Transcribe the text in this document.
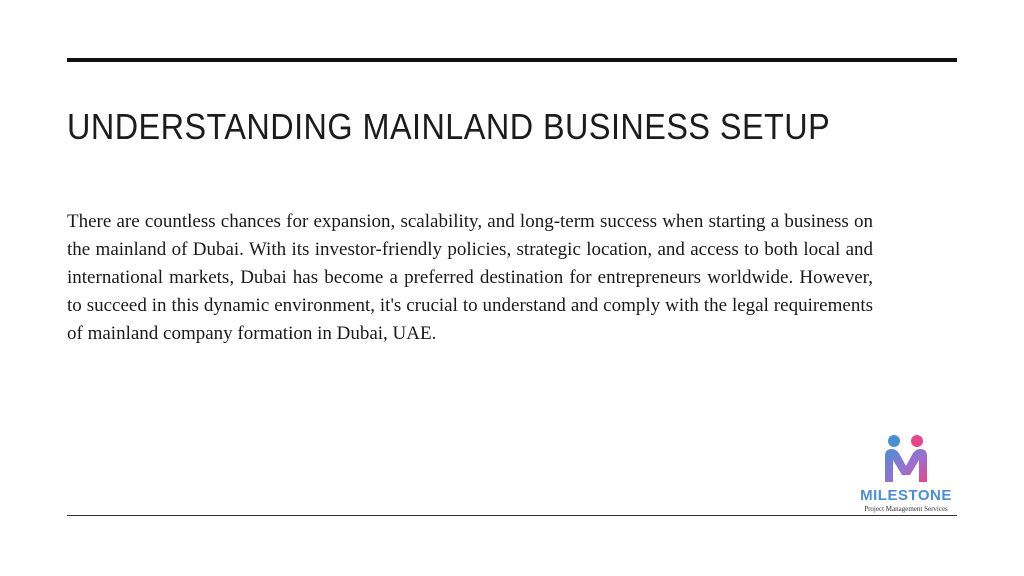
UNDERSTANDING MAINLAND BUSINESS SETUP

There are countless chances for expansion, scalability, and long-term success when starting a business on the mainland of Dubai. With its investor-friendly policies, strategic location, and access to both local and international markets, Dubai has become a preferred destination for entrepreneurs worldwide. However, to succeed in this dynamic environment, it's crucial to understand and comply with the legal requirements of mainland company formation in Dubai, UAE.

MILESTONE
Project Management Services
